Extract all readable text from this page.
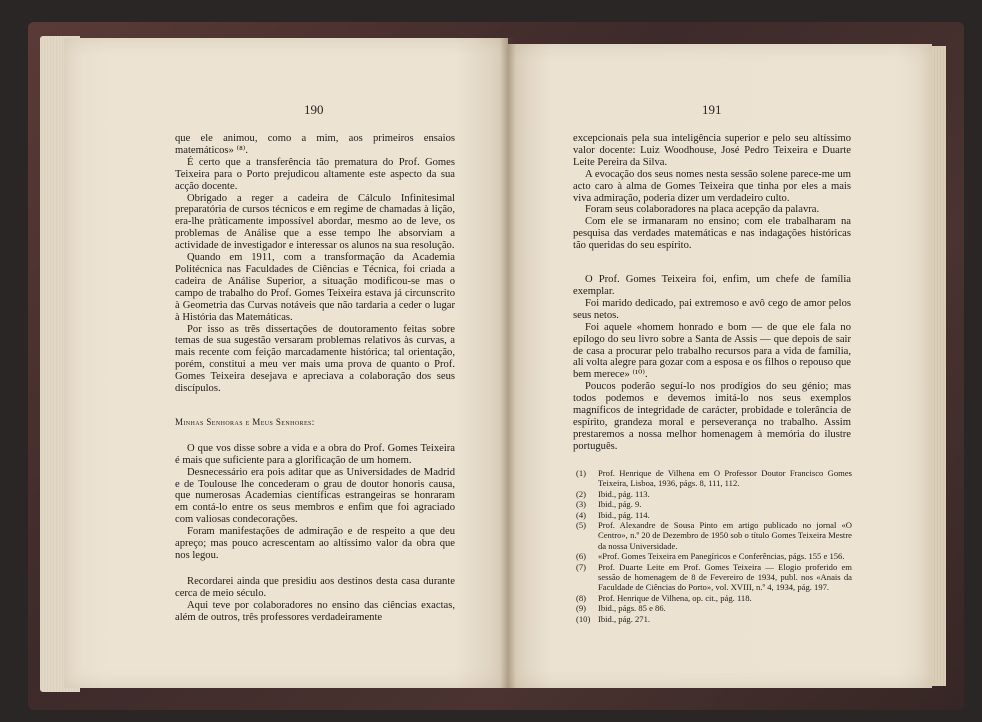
190

que ele animou, como a mim, aos primeiros ensaios matemáticos» ⁽⁸⁾.

É certo que a transferência tão prematura do Prof. Gomes Teixeira para o Porto prejudicou altamente este aspecto da sua acção docente.

Obrigado a reger a cadeira de Cálculo Infinitesimal preparatória de cursos técnicos e em regime de chamadas à lição, era-lhe pràticamente impossível abordar, mesmo ao de leve, os problemas de Análise que a esse tempo lhe absorviam a actividade de investigador e interessar os alunos na sua resolução.

Quando em 1911, com a transformação da Academia Politécnica nas Faculdades de Ciências e Técnica, foi criada a cadeira de Análise Superior, a situação modificou-se mas o campo de trabalho do Prof. Gomes Teixeira estava já circunscrito à Geometria das Curvas notáveis que não tardaria a ceder o lugar à História das Matemáticas.

Por isso as três dissertações de doutoramento feitas sobre temas de sua sugestão versaram problemas relativos às curvas, a mais recente com feição marcadamente histórica; tal orientação, porém, constitui a meu ver mais uma prova de quanto o Prof. Gomes Teixeira desejava e apreciava a colaboração dos seus discípulos.

Minhas Senhoras e Meus Senhores:

O que vos disse sobre a vida e a obra do Prof. Gomes Teixeira é mais que suficiente para a glorificação de um homem.

Desnecessário era pois aditar que as Universidades de Madrid e de Toulouse lhe concederam o grau de doutor honoris causa, que numerosas Academias científicas estrangeiras se honraram em contá-lo entre os seus membros e enfim que foi agraciado com valiosas condecorações.

Foram manifestações de admiração e de respeito a que deu apreço; mas pouco acrescentam ao altíssimo valor da obra que nos legou.

Recordarei ainda que presidiu aos destinos desta casa durante cerca de meio século.

Aqui teve por colaboradores no ensino das ciências exactas, além de outros, três professores verdadeiramente

191

excepcionais pela sua inteligência superior e pelo seu altíssimo valor docente: Luiz Woodhouse, José Pedro Teixeira e Duarte Leite Pereira da Silva.

A evocação dos seus nomes nesta sessão solene parece-me um acto caro à alma de Gomes Teixeira que tinha por eles a mais viva admiração, poderia dizer um verdadeiro culto.

Foram seus colaboradores na placa acepção da palavra.

Com ele se irmanaram no ensino; com ele trabalharam na pesquisa das verdades matemáticas e nas indagações históricas tão queridas do seu espírito.

O Prof. Gomes Teixeira foi, enfim, um chefe de família exemplar.

Foi marido dedicado, pai extremoso e avô cego de amor pelos seus netos.

Foi aquele «homem honrado e bom — de que ele fala no epílogo do seu livro sobre a Santa de Assis — que depois de sair de casa a procurar pelo trabalho recursos para a vida de família, ali volta alegre para gozar com a esposa e os filhos o repouso que bem merece» ⁽¹⁰⁾.

Poucos poderão seguí-lo nos prodígios do seu génio; mas todos podemos e devemos imitá-lo nos seus exemplos magníficos de integridade de carácter, probidade e tolerância de espírito, grandeza moral e perseverança no trabalho. Assim prestaremos a nossa melhor homenagem à memória do ilustre português.

(1)	Prof. Henrique de Vilhena em O Professor Doutor Francisco Gomes Teixeira, Lisboa, 1936, págs. 8, 111, 112.
(2)	Ibid., pág. 113.
(3)	Ibid., pág. 9.
(4)	Ibid., pág. 114.
(5)	Prof. Alexandre de Sousa Pinto em artigo publicado no jornal «O Centro», n.º 20 de Dezembro de 1950 sob o título Gomes Teixeira Mestre da nossa Universidade.
(6)	«Prof. Gomes Teixeira em Panegíricos e Conferências, págs. 155 e 156.
(7)	Prof. Duarte Leite em Prof. Gomes Teixeira — Elogio proferido em sessão de homenagem de 8 de Fevereiro de 1934, publ. nos «Anais da Faculdade de Ciências do Porto», vol. XVIII, n.º 4, 1934, pág. 197.
(8)	Prof. Henrique de Vilhena, op. cit., pág. 118.
(9)	Ibid., págs. 85 e 86.
(10) Ibid., pág. 271.
